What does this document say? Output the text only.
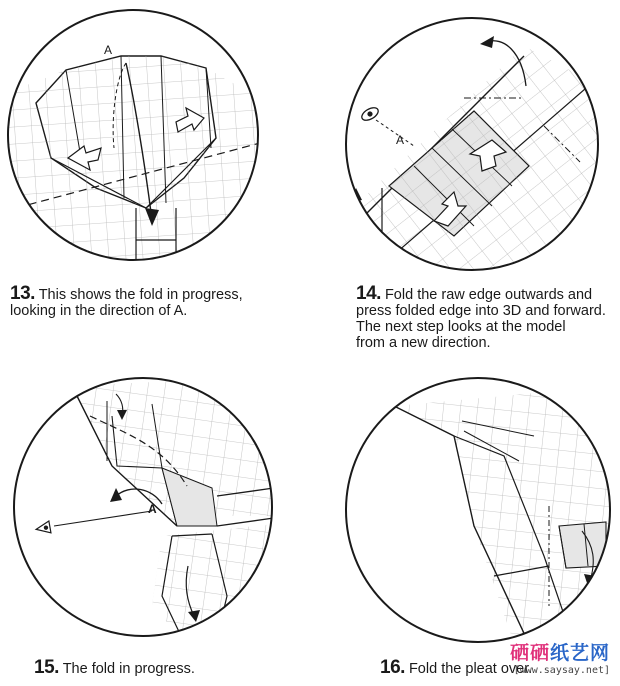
A
13. This shows the fold in progress,
looking in the direction of A.
A
14. Fold the raw edge outwards and
press folded edge into 3D and forward.
The next step looks at the model
from a new direction.
A
15. The fold in progress.	16. Fold the pleat over.
硒硒纸艺网
[www.saysay.net]
